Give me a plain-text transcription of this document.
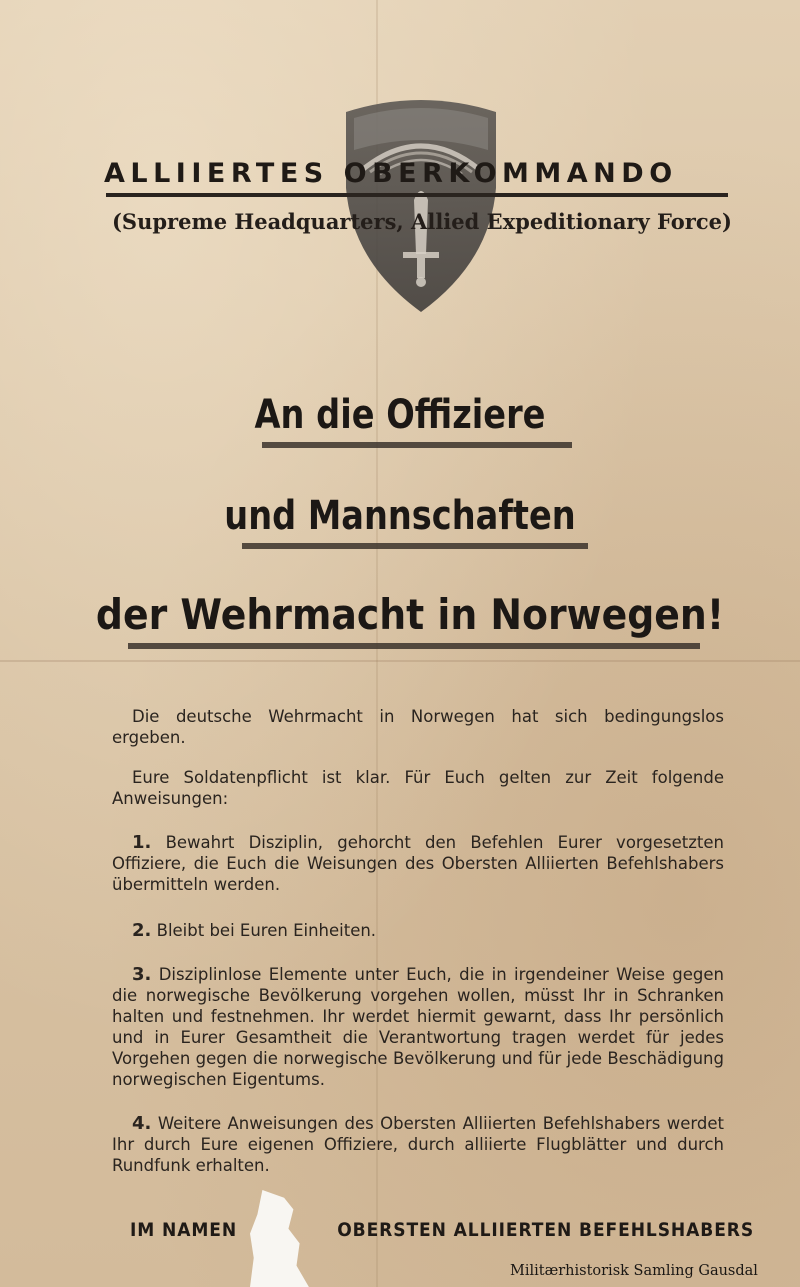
ALLIIERTES OBERKOMMANDO
(Supreme Headquarters, Allied Expeditionary Force)
An die Offiziere
und Mannschaften
der Wehrmacht in Norwegen!
Die deutsche Wehrmacht in Norwegen hat sich bedingungslos ergeben.
Eure Soldatenpflicht ist klar. Für Euch gelten zur Zeit folgende Anweisungen:
1. Bewahrt Disziplin, gehorcht den Befehlen Eurer vorgesetzten Offiziere, die Euch die Weisungen des Obersten Alliierten Befehlshabers übermitteln werden.
2. Bleibt bei Euren Einheiten.
3. Disziplinlose Elemente unter Euch, die in irgendeiner Weise gegen die norwegische Bevölkerung vorgehen wollen, müsst Ihr in Schranken halten und festnehmen. Ihr werdet hiermit gewarnt, dass Ihr persönlich und in Eurer Gesamtheit die Verantwortung tragen werdet für jedes Vorgehen gegen die norwegische Bevölkerung und für jede Beschädigung norwegischen Eigentums.
4. Weitere Anweisungen des Obersten Alliierten Befehlshabers werdet Ihr durch Eure eigenen Offiziere, durch alliierte Flugblätter und durch Rundfunk erhalten.
IM NAMEN	OBERSTEN ALLIIERTEN BEFEHLSHABERS
Militærhistorisk Samling Gausdal
